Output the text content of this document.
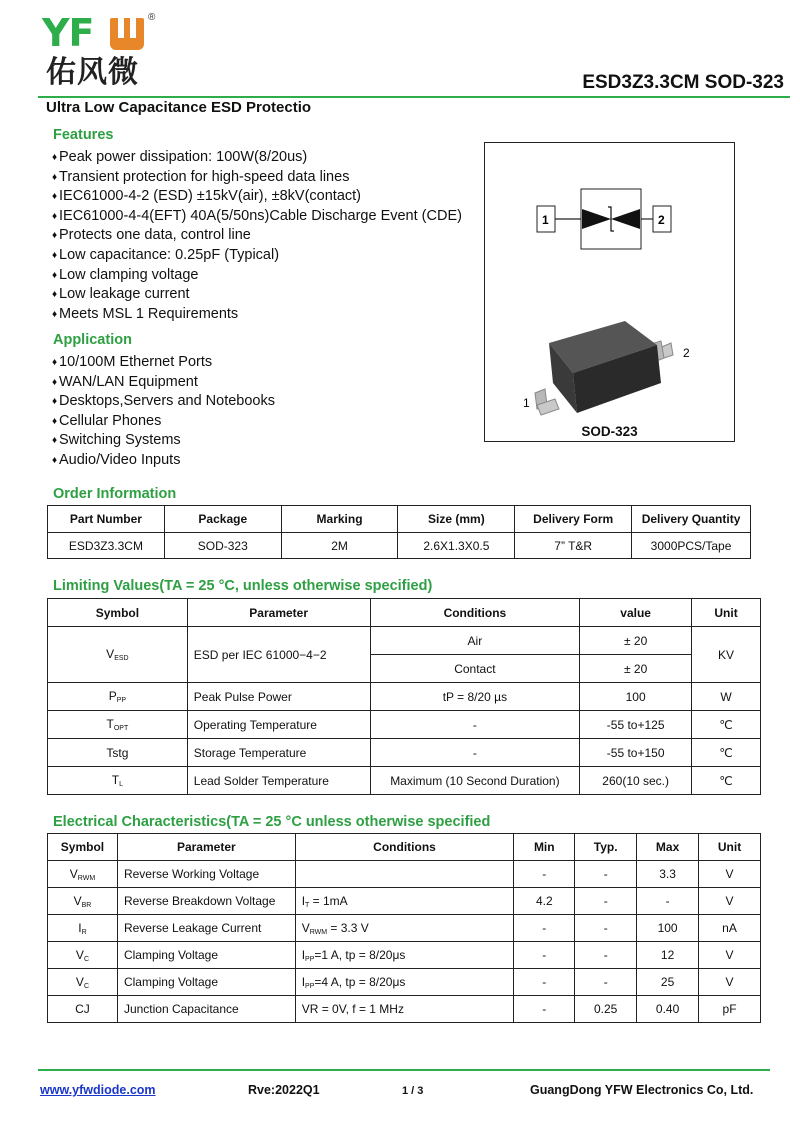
YF	®
佑风微	ESD3Z3.3CM SOD-323
Ultra Low Capacitance ESD Protectio
Features
♦ Peak power dissipation: 100W(8/20us)
♦ Transient protection for high-speed data lines
♦ IEC61000-4-2 (ESD) ±15kV(air), ±8kV(contact)
♦ IEC61000-4-4(EFT) 40A(5/50ns)Cable Discharge Event (CDE)
♦ Protects one data, control line
♦ Low capacitance: 0.25pF (Typical)
♦ Low clamping voltage
♦ Low leakage current
♦ Meets MSL 1 Requirements
Application
♦ 10/100M Ethernet Ports
♦ WAN/LAN Equipment
♦ Desktops,Servers and Notebooks
♦ Cellular Phones
♦ Switching Systems
♦ Audio/Video Inputs
1	2
2
1
SOD-323
Order Information
Part Number	Package	Marking	Size (mm)	Delivery Form	Delivery Quantity
ESD3Z3.3CM	SOD-323	2M	2.6X1.3X0.5	7” T&R	3000PCS/Tape
Limiting Values(TA = 25 °C, unless otherwise specified)
Symbol	Parameter	Conditions	value	Unit
$V_{ESD}$	ESD per IEC 61000−4−2	Air	± 20	KV
		Contact	± 20	
$P_{PP}$	Peak Pulse Power	tP = 8/20 µs	100	W
$T_{OPT}$	Operating Temperature	-	-55 to+125	℃
Tstg	Storage Temperature	-	-55 to+150	℃
$T_L$	Lead Solder Temperature	Maximum (10 Second Duration)	260(10 sec.)	℃
Electrical Characteristics(TA = 25 °C unless otherwise specified
Symbol	Parameter	Conditions	Min	Typ.	Max	Unit
$V_{RWM}$	Reverse Working Voltage		-	-	3.3	V
$V_{BR}$	Reverse Breakdown Voltage	$I_T = 1mA$	4.2	-	-	V
$I_R$	Reverse Leakage Current	$V_{RWM} = 3.3$ V	-	-	100	nA
$V_C$	Clamping Voltage	$I_{PP}=1$ A, tp = 8/20μs	-	-	12	V
$V_C$	Clamping Voltage	$I_{PP}=4$ A, tp = 8/20μs	-	-	25	V
CJ	Junction Capacitance	VR = 0V, f = 1 MHz	-	0.25	0.40	pF
www.yfwdiode.com	Rve:2022Q1	1 / 3	GuangDong YFW Electronics Co, Ltd.
